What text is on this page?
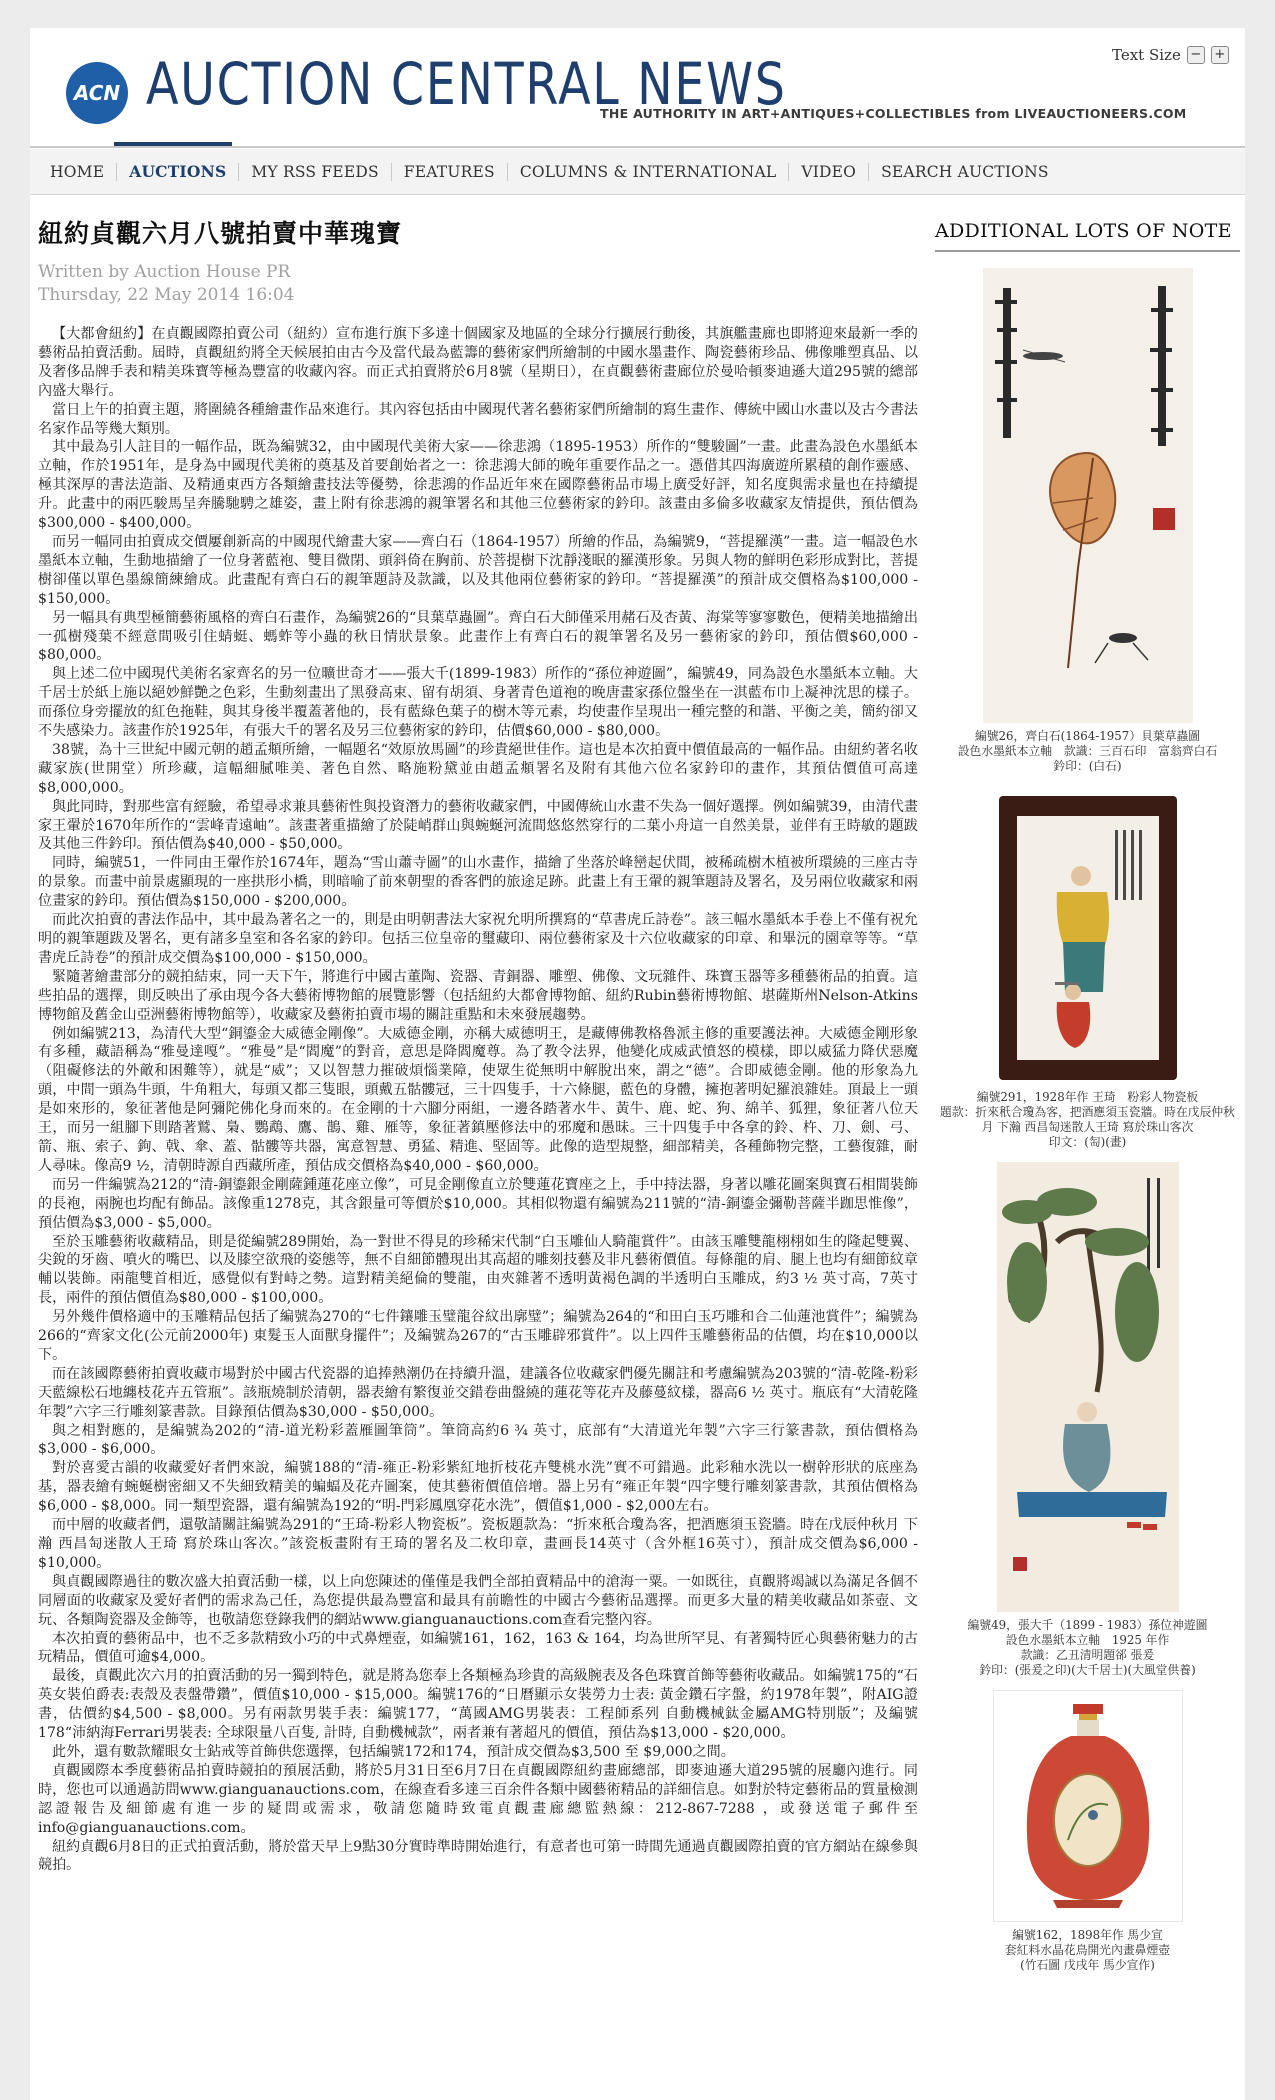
ACN AUCTION CENTRAL NEWS
THE AUTHORITY IN ART+ANTIQUES+COLLECTIBLES from LIVEAUCTIONEERS.COM
Text Size − +
HOME	AUCTIONS	MY RSS FEEDS	FEATURES	COLUMNS & INTERNATIONAL	VIDEO	SEARCH AUCTIONS
紐約貞觀六月八號拍賣中華瑰寶
Written by Auction House PR
Thursday, 22 May 2014 16:04

【大都會紐約】在貞觀國際拍賣公司（紐約）宣布進行旗下多達十個國家及地區的全球分行擴展行動後，其旗艦畫廊也即將迎來最新一季的藝術品拍賣活動。屆時，貞觀紐約將全天候展拍由古今及當代最為藍籌的藝術家們所繪制的中國水墨畫作、陶瓷藝術珍品、佛像雕塑真品、以及奢侈品牌手表和精美珠寶等極為豐富的收藏內容。而正式拍賣將於6月8號（星期日），在貞觀藝術畫廊位於曼哈頓麥迪遜大道295號的總部內盛大舉行。

當日上午的拍賣主題，將圍繞各種繪畫作品來進行。其內容包括由中國現代著名藝術家們所繪制的寫生畫作、傳統中國山水畫以及古今書法名家作品等幾大類別。

其中最為引人註目的一幅作品，既為編號32，由中國現代美術大家——徐悲鴻（1895-1953）所作的“雙駿圖”一畫。此畫為設色水墨紙本立軸，作於1951年，是身為中國現代美術的奠基及首要創始者之一：徐悲鴻大師的晚年重要作品之一。憑借其四海廣遊所累積的創作靈感、極其深厚的書法造詣、及精通東西方各類繪畫技法等優勢，徐悲鴻的作品近年來在國際藝術品市場上廣受好評，知名度與需求量也在持續提升。此畫中的兩匹駿馬呈奔騰馳騁之雄姿，畫上附有徐悲鴻的親筆署名和其他三位藝術家的鈐印。該畫由多倫多收藏家友情提供，預估價為$300,000 - $400,000。

而另一幅同由拍賣成交價屢創新高的中國現代繪畫大家——齊白石（1864-1957）所繪的作品，為編號9，“菩提羅漢”一畫。這一幅設色水墨紙本立軸，生動地描繪了一位身著藍袍、雙目微閉、頭斜倚在胸前、於菩提樹下沈靜淺眠的羅漢形象。另與人物的鮮明色彩形成對比，菩提樹卻僅以單色墨線簡練繪成。此畫配有齊白石的親筆題詩及款識，以及其他兩位藝術家的鈐印。“菩提羅漢”的預計成交價格為$100,000 - $150,000。

另一幅具有典型極簡藝術風格的齊白石畫作，為編號26的“貝葉草蟲圖”。齊白石大師僅采用赭石及杏黃、海棠等寥寥數色，便精美地描繪出一孤樹殘葉不經意間吸引住蜻蜓、螞蚱等小蟲的秋日情狀景象。此畫作上有齊白石的親筆署名及另一藝術家的鈐印，預估價$60,000 - $80,000。

與上述二位中國現代美術名家齊名的另一位曠世奇才——張大千(1899-1983）所作的“孫位神遊圖”，編號49，同為設色水墨紙本立軸。大千居士於紙上施以絕妙鮮艷之色彩，生動刻畫出了黑發高束、留有胡須、身著青色道袍的晚唐畫家孫位盤坐在一淇藍布巾上凝神沈思的樣子。而孫位身旁擺放的紅色拖鞋，與其身後半覆蓋著他的，長有藍綠色葉子的樹木等元素，均使畫作呈現出一種完整的和諧、平衡之美，簡約卻又不失感染力。該畫作於1925年，有張大千的署名及另三位藝術家的鈐印，估價$60,000 - $80,000。

38號，為十三世紀中國元朝的趙孟頫所繪，一幅題名“效原放馬圖”的珍貴絕世佳作。這也是本次拍賣中價值最高的一幅作品。由紐約著名收藏家族(世開堂）所珍藏，這幅細膩唯美、著色自然、略施粉黛並由趙孟頫署名及附有其他六位名家鈐印的畫作，其預估價值可高達$8,000,000。

與此同時，對那些富有經驗，希望尋求兼具藝術性與投資潛力的藝術收藏家們，中國傳統山水畫不失為一個好選擇。例如編號39，由清代畫家王翬於1670年所作的“雲峰青遠岫”。該畫著重描繪了於陡峭群山與蜿蜒河流間悠悠然穿行的二葉小舟這一自然美景，並伴有王時敏的題跋及其他三件鈐印。預估價為$40,000 - $50,000。

同時，編號51，一件同由王翬作於1674年，題為“雪山蕭寺圖”的山水畫作，描繪了坐落於峰巒起伏間，被稀疏樹木植被所環繞的三座古寺的景象。而畫中前景處顯現的一座拱形小橋，則暗喻了前來朝聖的香客們的旅途足跡。此畫上有王翬的親筆題詩及署名，及另兩位收藏家和兩位畫家的鈐印。預估價為$150,000 - $200,000。

而此次拍賣的書法作品中，其中最為著名之一的，則是由明朝書法大家祝允明所撰寫的“草書虎丘詩卷”。該三幅水墨紙本手卷上不僅有祝允明的親筆題跋及署名，更有諸多皇室和各名家的鈐印。包括三位皇帝的璽藏印、兩位藝術家及十六位收藏家的印章、和畢沅的園章等等。“草書虎丘詩卷”的預計成交價為$100,000 - $150,000。

緊隨著繪畫部分的競拍結束，同一天下午，將進行中國古董陶、瓷器、青銅器、雕塑、佛像、文玩雜件、珠寶玉器等多種藝術品的拍賣。這些拍品的選擇，則反映出了承由現今各大藝術博物館的展覽影響（包括紐約大都會博物館、紐約Rubin藝術博物館、堪薩斯州Nelson-Atkins博物館及舊金山亞洲藝術博物館等），收藏家及藝術拍賣市場的關註重點和未來發展趨勢。

例如編號213，為清代大型“銅鎏金大威德金剛像”。大威德金剛，亦稱大威德明王，是藏傳佛教格魯派主修的重要護法神。大威德金剛形象有多種，藏語稱為“雅曼達嘎”。“雅曼”是“閻魔”的對音，意思是降閻魔尊。為了教令法界，他變化成威武憤怒的模樣，即以威猛力降伏惡魔（阻礙修法的外敵和困難等），就是“威”；又以智慧力摧破煩惱業障，使眾生從無明中解脫出來，謂之“德”。合即威德金剛。他的形象為九頭，中間一頭為牛頭，牛角粗大，每頭又都三隻眼，頭戴五骷髏冠，三十四隻手，十六條腿，藍色的身體，擁抱著明妃羅浪雜娃。頂最上一頭是如來形的，象征著他是阿彌陀佛化身而來的。在金剛的十六腳分兩組，一邊各踏著水牛、黃牛、鹿、蛇、狗、綿羊、狐狸，象征著八位天王，而另一組腳下則踏著鷲、梟、鸚鵡、鷹、鵲、雞、雁等，象征著鎮壓修法中的邪魔和愚昧。三十四隻手中各拿的鈴、杵、刀、劍、弓、箭、瓶、索子、鉤、戟、傘、蓋、骷髏等共器，寓意智慧、勇猛、精進、堅固等。此像的造型規整，細部精美，各種飾物完整，工藝復雜，耐人尋味。像高9 ½，清朝時源自西藏所產，預估成交價格為$40,000 - $60,000。

而另一件編號為212的“清-銅鎏銀金剛薩鍾蓮花座立像”，可見金剛像直立於雙蓮花寶座之上，手中持法器，身著以雕花圖案與寶石相間裝飾的長袍，兩腕也均配有飾品。該像重1278克，其含銀量可等價於$10,000。其相似物還有編號為211號的“清-銅鎏金彌勒菩薩半跏思惟像”，預估價為$3,000 - $5,000。

至於玉雕藝術收藏精品，則是從編號289開始，為一對世不得見的珍稀宋代制“白玉雕仙人騎龍賞件”。由該玉雕雙龍栩栩如生的隆起雙翼、尖銳的牙齒、噴火的嘴巴、以及膝空欲飛的姿態等，無不自細節體現出其高超的雕刻技藝及非凡藝術價值。每條龍的肩、腿上也均有細節紋章輔以裝飾。兩龍雙首相近，感覺似有對峙之勢。這對精美絕倫的雙龍，由夾雜著不透明黃褐色調的半透明白玉雕成，約3 ½ 英寸高，7英寸長，兩件的預估價值為$80,000 - $100,000。

另外幾件價格適中的玉雕精品包括了編號為270的“七件鑲雕玉璧龍谷紋出廓璧”；編號為264的“和田白玉巧雕和合二仙蓮池賞件”；編號為266的“齊家文化(公元前2000年) 東髮玉人面獸身擺件”；及編號為267的“古玉雕辟邪賞件”。以上四件玉雕藝術品的估價，均在$10,000以下。

而在該國際藝術拍賣收藏市場對於中國古代瓷器的追捧熱潮仍在持續升溫，建議各位收藏家們優先關註和考慮編號為203號的“清-乾隆-粉彩天藍線松石地纏枝花卉五管瓶”。該瓶燒制於清朝，器表繪有繁復並交錯卷曲盤繞的蓮花等花卉及藤蔓紋樣，器高6 ½ 英寸。瓶底有“大清乾隆年製”六字三行雕刻篆書款。目錄預估價為$30,000 - $50,000。

與之相對應的，是編號為202的“清-道光粉彩蓋雁圖筆筒”。筆筒高約6 ¾ 英寸，底部有“大清道光年製”六字三行篆書款，預估價格為$3,000 - $6,000。

對於喜愛古韻的收藏愛好者們來說，編號188的“清-雍正-粉彩紫紅地折枝花卉雙桃水洗”實不可錯過。此彩釉水洗以一樹幹形狀的底座為基，器表繪有蜿蜒樹密細又不失細致精美的蝙蝠及花卉圖案，使其藝術價值倍增。器上另有“雍正年製“四字雙行雕刻篆書款，其預估價格為$6,000 - $8,000。同一類型瓷器，還有編號為192的“明-門彩鳳凰穿花水洗”，價值$1,000 - $2,000左右。

而中層的收藏者們，還敬請關註編號為291的“王琦-粉彩人物瓷板”。瓷板題款為：“折來秖合瓊為客，把酒應須玉瓷牆。時在戊辰仲秋月 下瀚 西昌匋迷散人王琦 寫於珠山客次。”該瓷板畫附有王琦的署名及二枚印章，畫画長14英寸（含外框16英寸），預計成交價為$6,000 - $10,000。

與貞觀國際過往的數次盛大拍賣活動一樣，以上向您陳述的僅僅是我們全部拍賣精品中的滄海一粟。一如既往，貞觀將竭誠以為滿足各個不同層面的收藏家及愛好者們的需求為己任，為您提供最為豐富和最具有前瞻性的中國古今藝術品選擇。而更多大量的精美收藏品如茶壺、文玩、各類陶瓷器及金飾等，也敬請您登錄我們的網站www.gianguanauctions.com查看完整內容。

本次拍賣的藝術品中，也不乏多款精致小巧的中式鼻煙壺，如編號161，162，163 & 164，均為世所罕見、有著獨特匠心與藝術魅力的古玩精品，價值可逾$4,000。

最後，貞觀此次六月的拍賣活動的另一獨到特色，就是將為您奉上各類極為珍貴的高級腕表及各色珠寶首飾等藝術收藏品。如編號175的“石英女裝伯爵表:表殼及表盤帶鑽”，價值$10,000 - $15,000。編號176的“日曆顯示女裝勞力士表: 黃金鑽石字盤，約1978年製”，附AIG證書，估價約$4,500 - $8,000。另有兩款男裝手表：編號177，“萬國AMG男裝表：工程師系列 自動機械鈦金屬AMG特別版”；及編號178“沛納海Ferrari男裝表: 全球限量八百隻, 計時, 自動機械款”，兩者兼有著超凡的價值，預估為$13,000 - $20,000。

此外，還有數款耀眼女士鉆戒等首飾供您選擇，包括編號172和174，預計成交價為$3,500 至 $9,000之間。

貞觀國際本季度藝術品拍賣時競拍的預展活動，將於5月31日至6月7日在貞觀國際紐約畫廊總部，即麥迪遜大道295號的展廳內進行。同時，您也可以通過訪問www.gianguanauctions.com，在線查看多達三百余件各類中國藝術精品的詳細信息。如對於特定藝術品的質量檢測認證報告及細節處有進一步的疑問或需求，敬請您隨時致電貞觀畫廊總監熱線：212-867-7288 ，或發送電子郵件至info@gianguanauctions.com。

紐約貞觀6月8日的正式拍賣活動，將於當天早上9點30分實時準時開始進行，有意者也可第一時間先通過貞觀國際拍賣的官方網站在線參與競拍。

ADDITIONAL LOTS OF NOTE
編號26，齊白石(1864-1957）貝葉草蟲圖
設色水墨紙本立軸　款識：三百石印　富翁齊白石
鈐印：(白石)
編號291，1928年作 王琦　粉彩人物瓷板
題款：折來秖合瓊為客，把酒應須玉瓷牆。時在戊辰仲秋月 下瀚 西昌匋迷散人王琦 寫於珠山客次
印文：(匋)(畫)
編號49，張大千（1899 - 1983）孫位神遊圖
設色水墨紙本立軸　1925 年作
款識：乙丑清明題郤 張爰
鈐印：(張爰之印)(大千居士)(大風堂供養)
編號162，1898年作 馬少宣
套紅料水晶花鳥開光內畫鼻煙壺
(竹石圖 戊戌年 馬少宣作)
